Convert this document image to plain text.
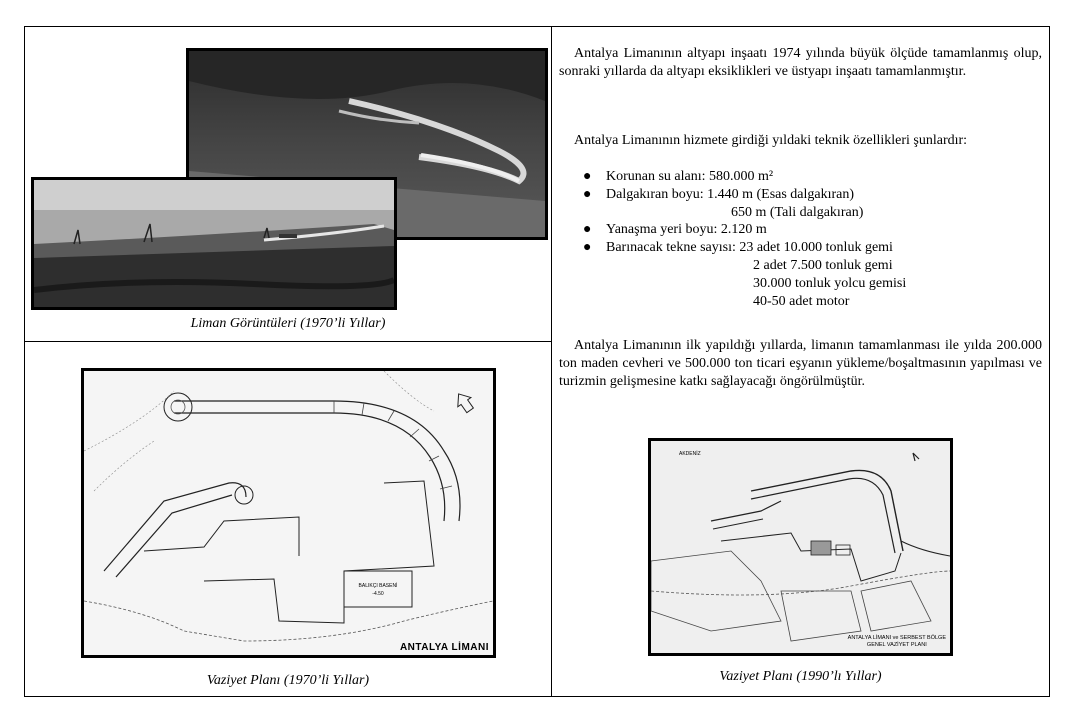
Liman Görüntüleri (1970’li Yıllar)
BALIKÇI BASENİ
-4.50
ANTALYA LİMANI
Vaziyet Planı (1970’li Yıllar)

Antalya Limanının altyapı inşaatı 1974 yılında büyük ölçüde tamamlanmış olup, sonraki yıllarda da altyapı eksiklikleri ve üstyapı inşaatı tamamlanmıştır.

Antalya Limanının hizmete girdiği yıldaki teknik özellikleri şunlardır:

● Korunan su alanı: 580.000 m²
● Dalgakıran boyu: 1.440 m (Esas dalgakıran)
650 m (Tali dalgakıran)
● Yanaşma yeri boyu: 2.120 m
● Barınacak tekne sayısı: 23 adet 10.000 tonluk gemi
2 adet 7.500 tonluk gemi
30.000 tonluk yolcu gemisi
40-50 adet motor

Antalya Limanının ilk yapıldığı yıllarda, limanın tamamlanması ile yılda 200.000 ton maden cevheri ve 500.000 ton ticari eşyanın yükleme/boşaltmasının yapılması ve turizmin gelişmesine katkı sağlayacağı öngörülmüştür.

AKDENİZ
ANTALYA LİMANI ve SERBEST BÖLGE
GENEL VAZİYET PLANI
Vaziyet Planı (1990’lı Yıllar)
